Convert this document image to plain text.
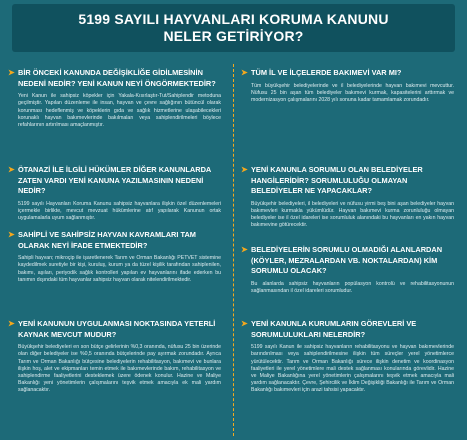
5199 SAYILI HAYVANLARI KORUMA KANUNU
NELER GETİRİYOR?
➤ BİR ÖNCEKİ KANUNDA DEĞİŞİKLİĞE GİDİLMESİNİN NEDENİ NEDİR? YENİ KANUN NEYİ ÖNGÖRMEKTEDİR?
Yeni Kanun ile sahipsiz köpekler için Yakala-Kısırlaştır-Tut/Sahiplendir metoduna geçilmiştir. Yapılan düzenleme ile insan, hayvan ve çevre sağlığının bütüncül olarak korunması hedeflenmiş ve köpeklerin gıda ve sağlık hizmetlerine ulaşabilecekleri korunaklı hayvan bakımevlerinde bakılmaları veya sahiplendirilmeleri böylece refahlarının artırılması amaçlanmıştır.
➤ ÖTANAZİ İLE İLGİLİ HÜKÜMLER DİĞER KANUNLARDA ZATEN VARDI YENİ KANUNA YAZILMASININ NEDENİ NEDİR?
5199 sayılı Hayvanları Koruma Kanunu sahipsiz hayvanlara ilişkin özel düzenlemeleri içermekle birlikte, mevcut mevzuat hükümlerine atıf yapılarak Kanunun ortak uygulamalarla uyum sağlanmıştır.
➤ SAHİPLİ VE SAHİPSİZ HAYVAN KAVRAMLARI TAM OLARAK NEYİ İFADE ETMEKTEDİR?
Sahipli hayvan; mikroçip ile işaretlenerek Tarım ve Orman Bakanlığı PETVET sistemine kaydedilmek suretiyle bir kişi, kuruluş, kurum ya da tüzel kişilik tarafından sahiplenilen, bakımı, aşıları, periyodik sağlık kontrolleri yapılan ev hayvanlarını ifade ederken bu tanımın dışındaki tüm hayvanlar sahipsiz hayvan olarak nitelendirilmektedir.
➤ YENİ KANUNUN UYGULANMASI NOKTASINDA YETERLİ KAYNAK MEVCUT MUDUR?
Büyükşehir belediyeleri en son bütçe gelirlerinin %0,3 oranında, nüfusu 25 bin üzerinde olan diğer belediyeler ise %0,5 oranında bütçelerinde pay ayırmak zorundadır. Ayrıca Tarım ve Orman Bakanlığı bütçesine belediyelerin rehabilitasyon, bakımevi ve bunlara ilişkin hoş, alet ve ekipmanları temin etmek ile bakımevlerinde bakım, rehabilitasyon ve sahiplendirme faaliyetlerini desteklemek üzere ödenek konulur. Hazine ve Maliye Bakanlığı yeni yönetimlerin çalışmalarını teşvik etmek amacıyla ek mali yardım sağlanacaktır.
➤ TÜM İL VE İLÇELERDE BAKIMEVİ VAR MI?
Tüm büyükşehir belediyelerinde ve il belediyelerinde hayvan bakımevi mevcuttur. Nüfusu 25 bin aşan tüm belediyeler bakımevi kurmak, kapasitelerini arttırmak ve modernizasyon çalışmalarını 2028 yılı sonuna kadar tamamlamak zorundadır.
➤ YENİ KANUNLA SORUMLU OLAN BELEDİYELER HANGİLERİDİR? SORUMLULUĞU OLMAYAN BELEDİYELER NE YAPACAKLAR?
Büyükşehir belediyeleri, il belediyeleri ve nüfusu yirmi beş bini aşan belediyeler hayvan bakımevleri kurmakla yükümlüdür. Hayvan bakımevi kurma zorunluluğu olmayan belediyeler ise il özel idareleri ise sorumluluk alanındaki bu hayvanları en yakın hayvan bakımevine götürecektir.
➤ BELEDİYELERİN SORUMLU OLMADIĞI ALANLARDAN (KÖYLER, MEZRALARDAN VB. NOKTALARDAN) KİM SORUMLU OLACAK?
Bu alanlarda sahipsiz hayvanların popülasyon kontrolü ve rehabilitasyonunun sağlanmasından il özel idareleri sorumludur.
➤ YENİ KANUNLA KURUMLARIN GÖREVLERİ VE SORUMLULUKLARI NELERDİR?
5199 sayılı Kanun ile sahipsiz hayvanların rehabilitasyonu ve hayvan bakımevlerinde barındırılması veya sahiplendirilmesine ilişkin tüm süreçler yerel yönetimlerce yürütülecektir. Tarım ve Orman Bakanlığı sürece ilişkin denetim ve koordinasyon faaliyetleri ile yerel yönetimlere mali destek sağlanması konularında görevlidir. Hazine ve Maliye Bakanlığına yerel yönetimlerin çalışmalarını teşvik etmek amacıyla mali yardım sağlanacaktır. Çevre, Şehircilik ve İklim Değişikliği Bakanlığı ile Tarım ve Orman Bakanlığı bakımevleri için arazi tahsisi yapacaktır.
